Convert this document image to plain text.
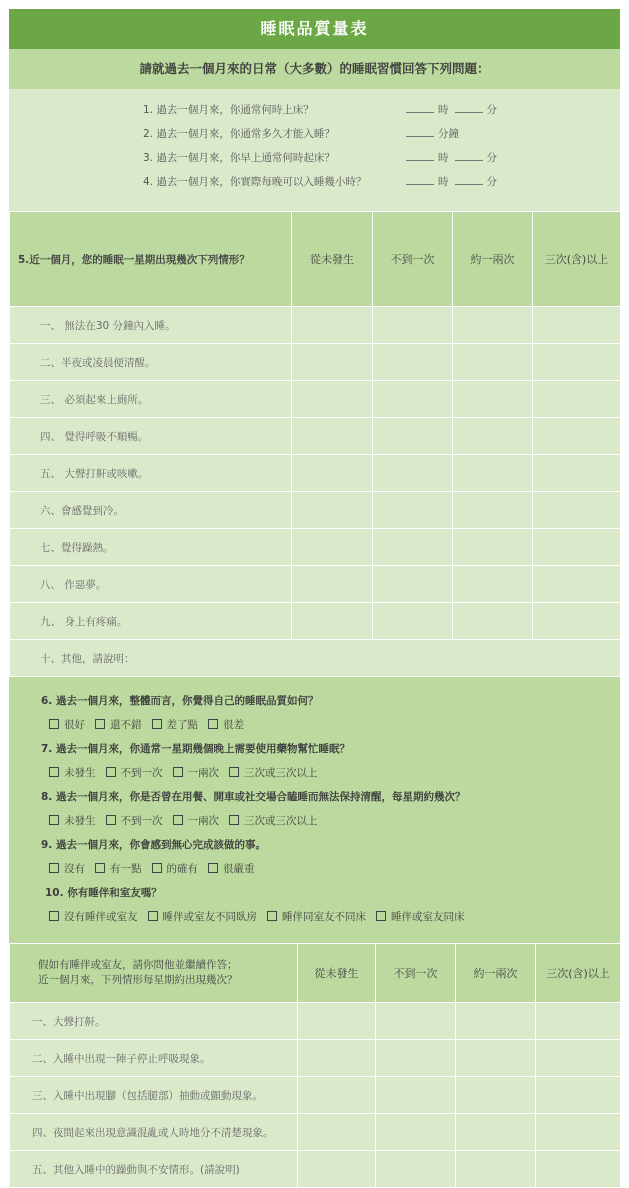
睡眠品質量表
請就過去一個月來的日常（大多數）的睡眠習慣回答下列問題：
1. 過去一個月來，你通常何時上床？	時	分
2. 過去一個月來，你通常多久才能入睡？	分鐘
3. 過去一個月來，你早上通常何時起床？	時	分
4. 過去一個月來，你實際每晚可以入睡幾小時？	時	分
5.近一個月，您的睡眠一星期出現幾次下列情形？	從未發生	不到一次	約一兩次	三次(含)以上
一、 無法在30 分鐘內入睡。				
二、半夜或凌晨便清醒。				
三、 必須起來上廁所。				
四、 覺得呼吸不順暢。				
五、 大聲打鼾或咳嗽。				
六、會感覺到冷。				
七、覺得躁熱。				
八、 作惡夢。				
九、 身上有疼痛。				
十、其他，請說明：				
6. 過去一個月來，整體而言，你覺得自己的睡眠品質如何？
很好 還不錯 差了點 很差
7. 過去一個月來，你通常一星期幾個晚上需要使用藥物幫忙睡眠？
未發生 不到一次 一兩次 三次或三次以上
8. 過去一個月來，你是否曾在用餐、開車或社交場合瞌睡而無法保持清醒，每星期約幾次？
未發生 不到一次 一兩次 三次或三次以上
9. 過去一個月來，你會感到無心完成該做的事。
沒有 有一點 的確有 很嚴重
10. 你有睡伴和室友嗎？
沒有睡伴或室友 睡伴或室友不同臥房 睡伴同室友不同床 睡伴或室友同床
假如有睡伴或室友，請你問他並繼續作答；
近一個月來，下列情形每星期約出現幾次？	從未發生	不到一次	約一兩次	三次(含)以上
一、大聲打鼾。				
二、入睡中出現一陣子停止呼吸現象。				
三、入睡中出現腳（包括腿部）抽動或顫動現象。				
四、夜間起來出現意識混亂或人時地分不清楚現象。				
五、其他入睡中的躁動與不安情形。(請說明)				
